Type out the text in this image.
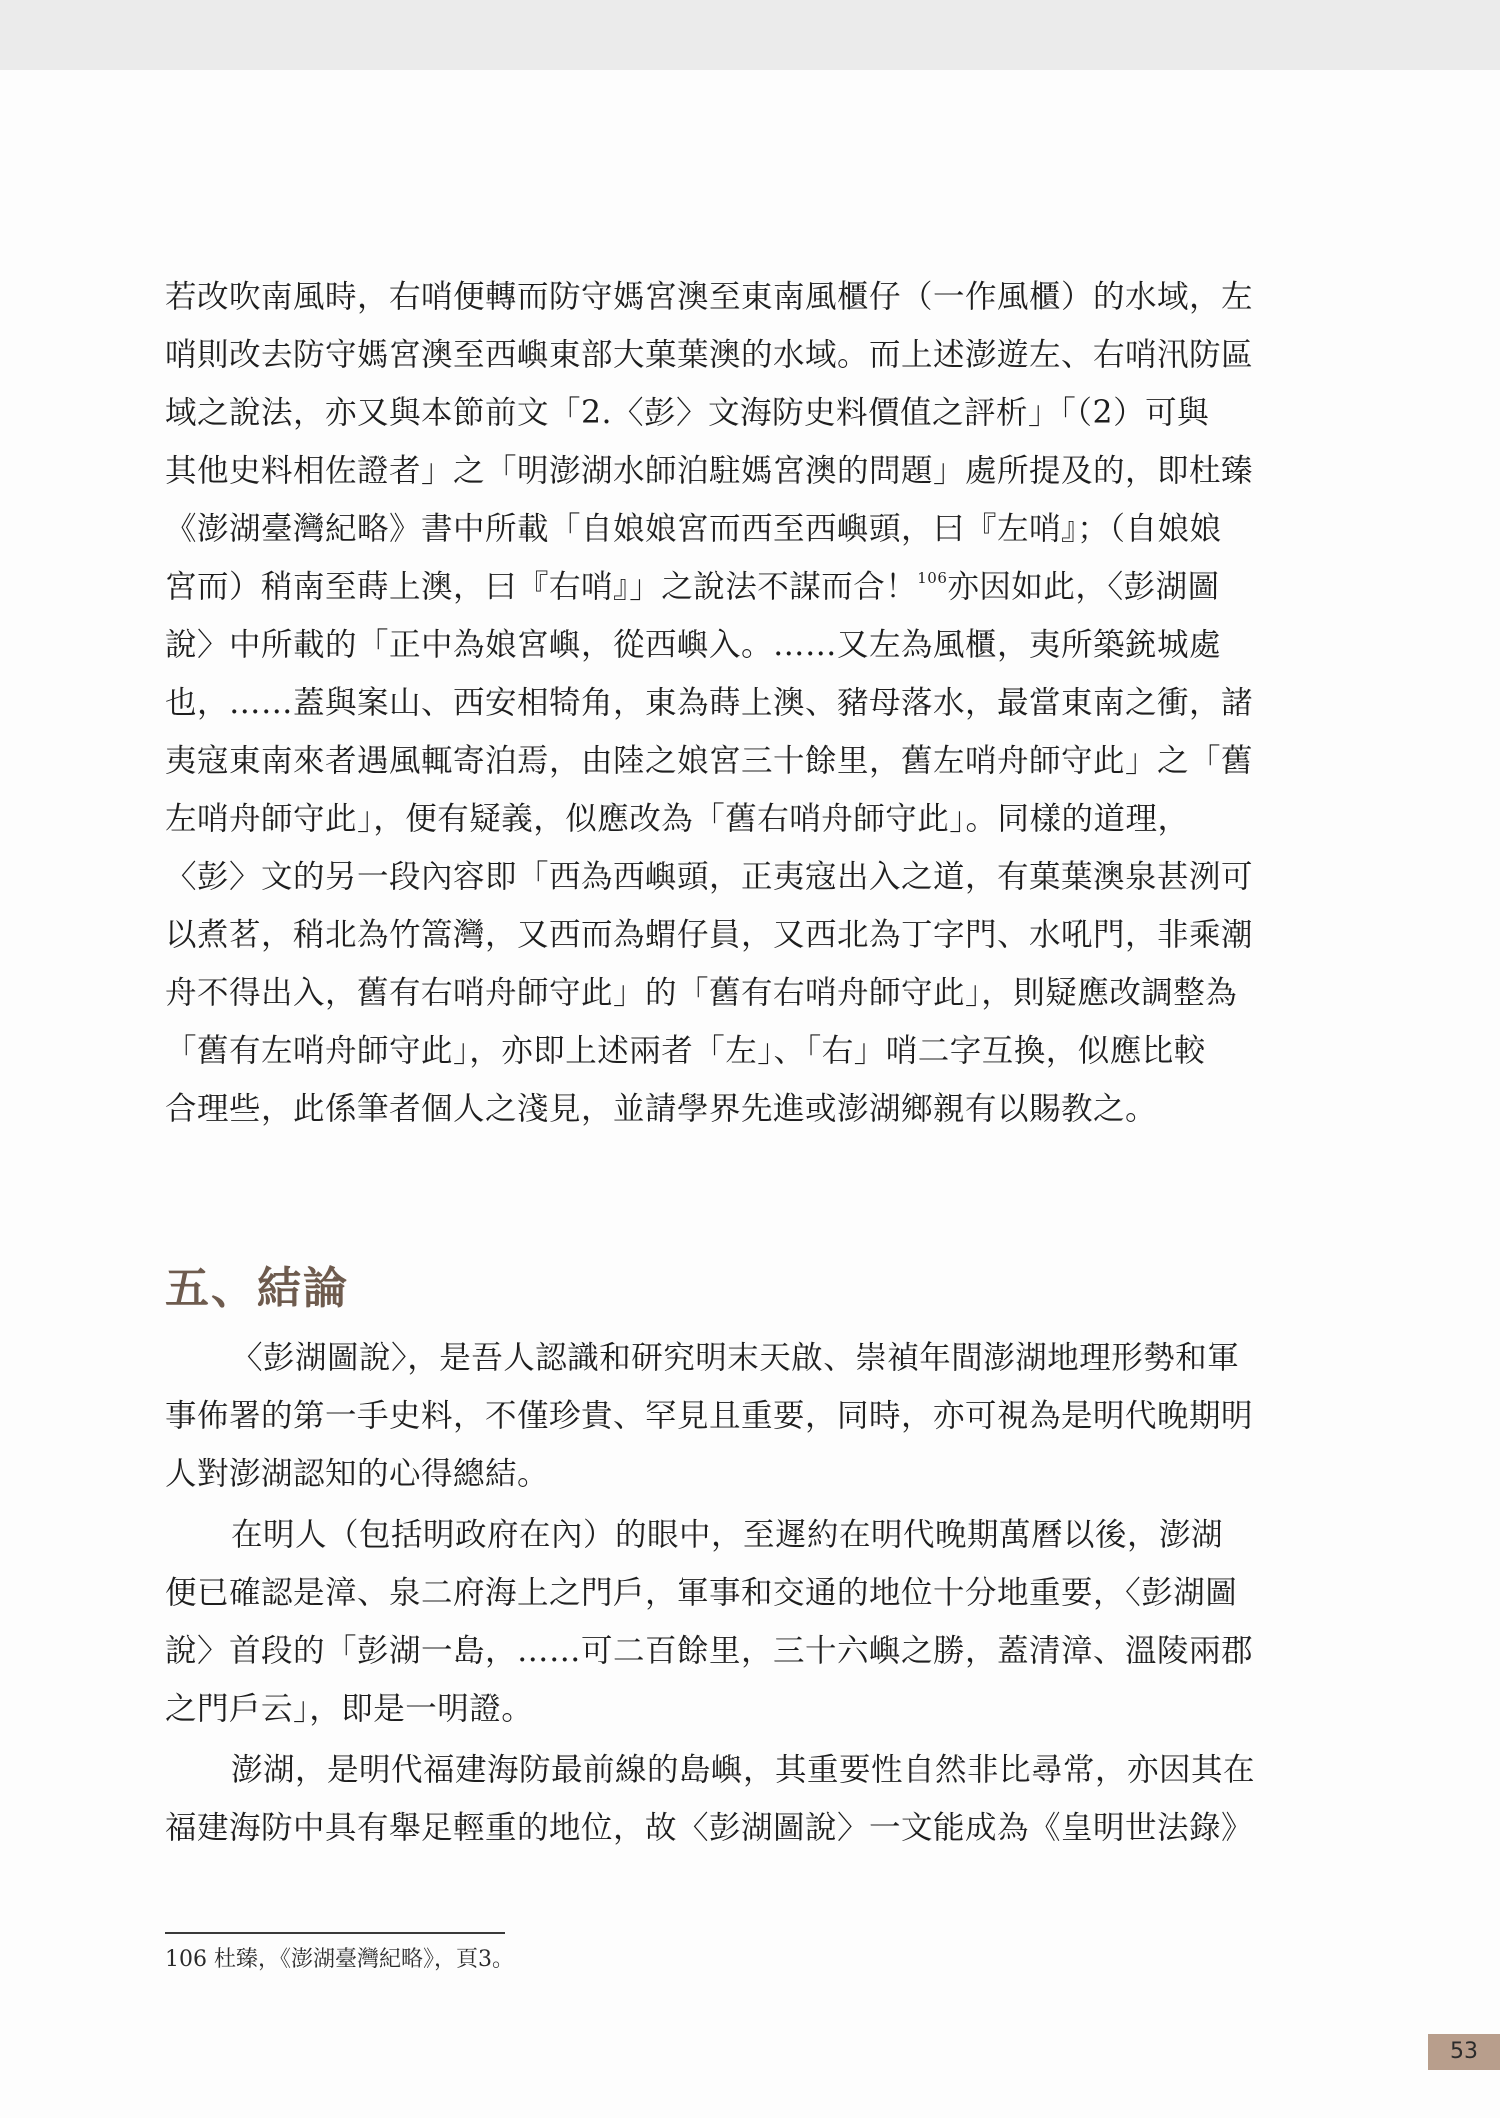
若改吹南風時，右哨便轉而防守媽宮澳至東南風櫃仔（一作風櫃）的水域，左
哨則改去防守媽宮澳至西嶼東部大菓葉澳的水域。而上述澎遊左、右哨汛防區
域之說法，亦又與本節前文「2.〈彭〉文海防史料價值之評析」「（2）可與
其他史料相佐證者」之「明澎湖水師泊駐媽宮澳的問題」處所提及的，即杜臻
《澎湖臺灣紀略》書中所載「自娘娘宮而西至西嶼頭，曰『左哨』；（自娘娘
宮而）稍南至蒔上澳，曰『右哨』」之說法不謀而合！$^{106}$亦因如此，〈彭湖圖
說〉中所載的「正中為娘宮嶼，從西嶼入。……又左為風櫃，夷所築銃城處
也，……蓋與案山、西安相犄角，東為蒔上澳、豬母落水，最當東南之衝，諸
夷寇東南來者遇風輒寄泊焉，由陸之娘宮三十餘里，舊左哨舟師守此」之「舊
左哨舟師守此」，便有疑義，似應改為「舊右哨舟師守此」。同樣的道理，
〈彭〉文的另一段內容即「西為西嶼頭，正夷寇出入之道，有菓葉澳泉甚洌可
以煮茗，稍北為竹篙灣，又西而為蝟仔員，又西北為丁字門、水吼門，非乘潮
舟不得出入，舊有右哨舟師守此」的「舊有右哨舟師守此」，則疑應改調整為
「舊有左哨舟師守此」，亦即上述兩者「左」、「右」哨二字互換，似應比較
合理些，此係筆者個人之淺見，並請學界先進或澎湖鄉親有以賜教之。
五、結論
〈彭湖圖說〉，是吾人認識和研究明末天啟、崇禎年間澎湖地理形勢和軍
事佈署的第一手史料，不僅珍貴、罕見且重要，同時，亦可視為是明代晚期明
人對澎湖認知的心得總結。
在明人（包括明政府在內）的眼中，至遲約在明代晚期萬曆以後，澎湖
便已確認是漳、泉二府海上之門戶，軍事和交通的地位十分地重要，〈彭湖圖
說〉首段的「彭湖一島，……可二百餘里，三十六嶼之勝，蓋清漳、溫陵兩郡
之門戶云」，即是一明證。
澎湖，是明代福建海防最前線的島嶼，其重要性自然非比尋常，亦因其在
福建海防中具有舉足輕重的地位，故〈彭湖圖說〉一文能成為《皇明世法錄》
106 杜臻，《澎湖臺灣紀略》，頁3。
53
